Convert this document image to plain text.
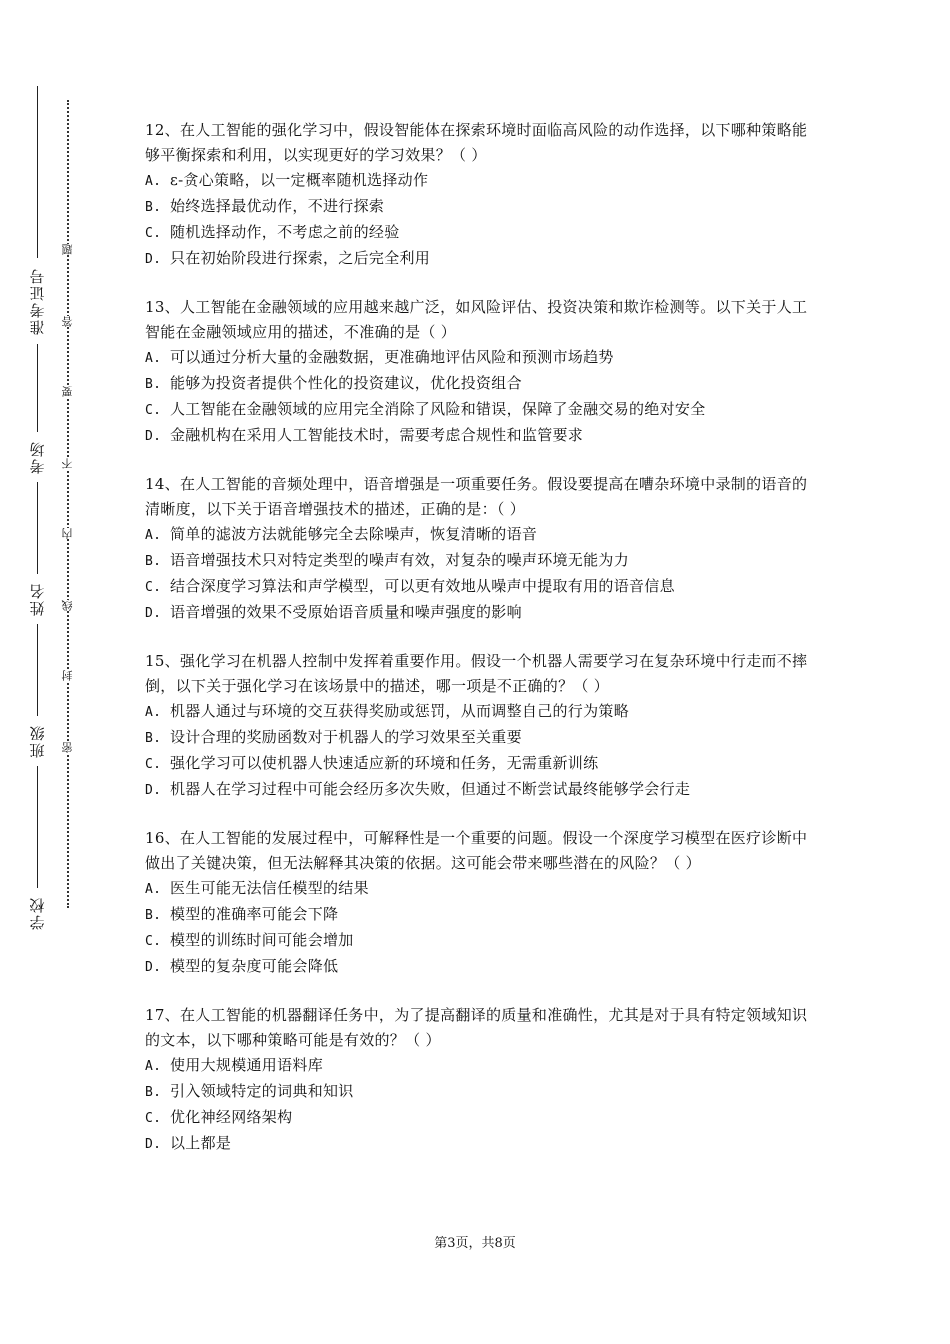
准考证号
考场
姓名
班级
学校
题
答
要
不
内
线
封
密

12、在人工智能的强化学习中，假设智能体在探索环境时面临高风险的动作选择，以下哪种策略能够平衡探索和利用，以实现更好的学习效果？（ ）

A. ε-贪心策略，以一定概率随机选择动作

B. 始终选择最优动作，不进行探索

C. 随机选择动作，不考虑之前的经验

D. 只在初始阶段进行探索，之后完全利用

13、人工智能在金融领域的应用越来越广泛，如风险评估、投资决策和欺诈检测等。以下关于人工智能在金融领域应用的描述，不准确的是（ ）

A. 可以通过分析大量的金融数据，更准确地评估风险和预测市场趋势

B. 能够为投资者提供个性化的投资建议，优化投资组合

C. 人工智能在金融领域的应用完全消除了风险和错误，保障了金融交易的绝对安全

D. 金融机构在采用人工智能技术时，需要考虑合规性和监管要求

14、在人工智能的音频处理中，语音增强是一项重要任务。假设要提高在嘈杂环境中录制的语音的清晰度，以下关于语音增强技术的描述，正确的是：（ ）

A. 简单的滤波方法就能够完全去除噪声，恢复清晰的语音

B. 语音增强技术只对特定类型的噪声有效，对复杂的噪声环境无能为力

C. 结合深度学习算法和声学模型，可以更有效地从噪声中提取有用的语音信息

D. 语音增强的效果不受原始语音质量和噪声强度的影响

15、强化学习在机器人控制中发挥着重要作用。假设一个机器人需要学习在复杂环境中行走而不摔倒，以下关于强化学习在该场景中的描述，哪一项是不正确的？（ ）

A. 机器人通过与环境的交互获得奖励或惩罚，从而调整自己的行为策略

B. 设计合理的奖励函数对于机器人的学习效果至关重要

C. 强化学习可以使机器人快速适应新的环境和任务，无需重新训练

D. 机器人在学习过程中可能会经历多次失败，但通过不断尝试最终能够学会行走

16、在人工智能的发展过程中，可解释性是一个重要的问题。假设一个深度学习模型在医疗诊断中做出了关键决策，但无法解释其决策的依据。这可能会带来哪些潜在的风险？（ ）

A. 医生可能无法信任模型的结果

B. 模型的准确率可能会下降

C. 模型的训练时间可能会增加

D. 模型的复杂度可能会降低

17、在人工智能的机器翻译任务中，为了提高翻译的质量和准确性，尤其是对于具有特定领域知识的文本，以下哪种策略可能是有效的？（ ）

A. 使用大规模通用语料库

B. 引入领域特定的词典和知识

C. 优化神经网络架构

D. 以上都是

第3页，共8页
